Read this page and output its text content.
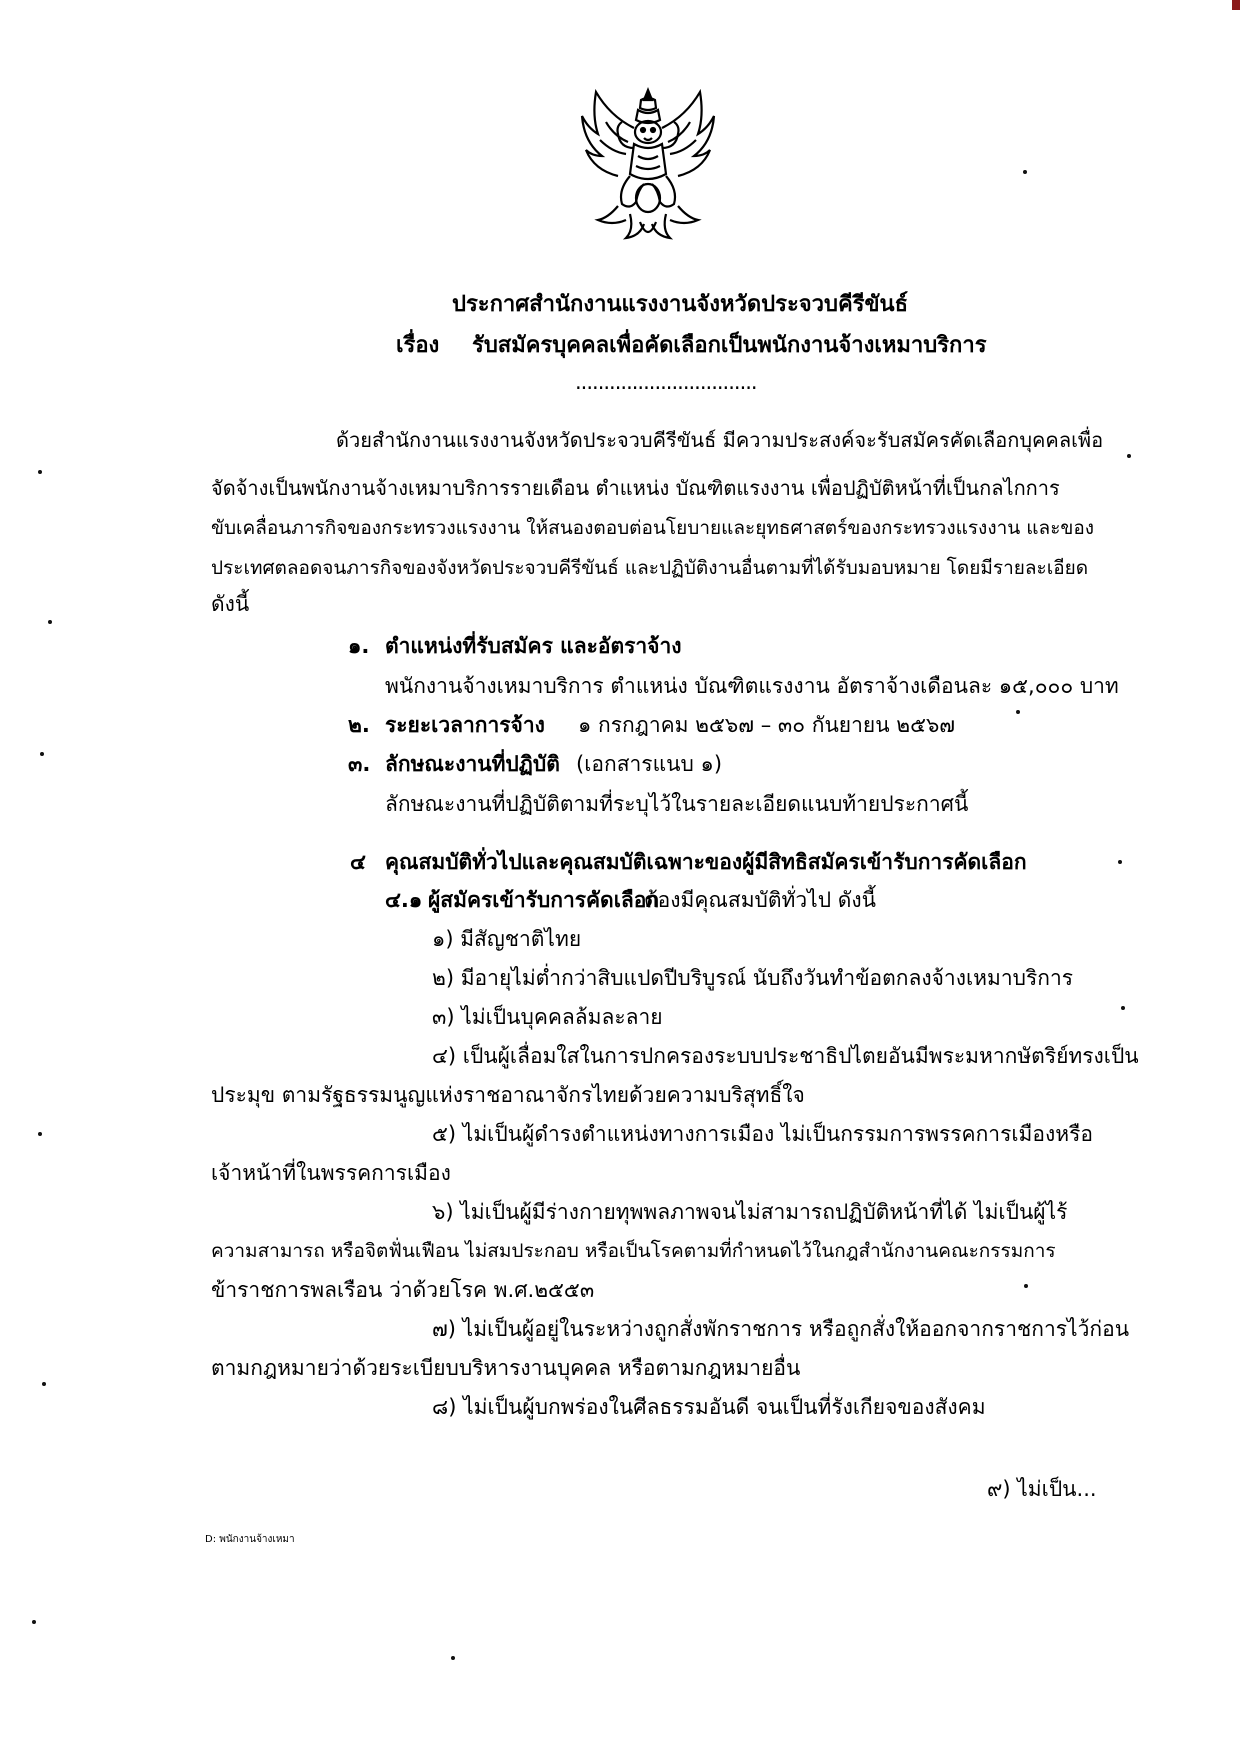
ประกาศสำนักงานแรงงานจังหวัดประจวบคีรีขันธ์
เรื่อง รับสมัครบุคคลเพื่อคัดเลือกเป็นพนักงานจ้างเหมาบริการ
................................
ด้วยสำนักงานแรงงานจังหวัดประจวบคีรีขันธ์ มีความประสงค์จะรับสมัครคัดเลือกบุคคลเพื่อ
จัดจ้างเป็นพนักงานจ้างเหมาบริการรายเดือน ตำแหน่ง บัณฑิตแรงงาน เพื่อปฏิบัติหน้าที่เป็นกลไกการ
ขับเคลื่อนภารกิจของกระทรวงแรงงาน ให้สนองตอบต่อนโยบายและยุทธศาสตร์ของกระทรวงแรงงาน และของ
ประเทศตลอดจนภารกิจของจังหวัดประจวบคีรีขันธ์ และปฏิบัติงานอื่นตามที่ได้รับมอบหมาย โดยมีรายละเอียด
ดังนี้
๑. ตำแหน่งที่รับสมัคร และอัตราจ้าง
พนักงานจ้างเหมาบริการ ตำแหน่ง บัณฑิตแรงงาน อัตราจ้างเดือนละ ๑๕,๐๐๐ บาท
๒. ระยะเวลาการจ้าง ๑ กรกฎาคม ๒๕๖๗ – ๓๐ กันยายน ๒๕๖๗
๓. ลักษณะงานที่ปฏิบัติ (เอกสารแนบ ๑)
ลักษณะงานที่ปฏิบัติตามที่ระบุไว้ในรายละเอียดแนบท้ายประกาศนี้
๔ คุณสมบัติทั่วไปและคุณสมบัติเฉพาะของผู้มีสิทธิสมัครเข้ารับการคัดเลือก
๔.๑ ผู้สมัครเข้ารับการคัดเลือก
ต้องมีคุณสมบัติทั่วไป ดังนี้
๑) มีสัญชาติไทย
๒) มีอายุไม่ต่ำกว่าสิบแปดปีบริบูรณ์ นับถึงวันทำข้อตกลงจ้างเหมาบริการ
๓) ไม่เป็นบุคคลล้มละลาย
๔) เป็นผู้เลื่อมใสในการปกครองระบบประชาธิปไตยอันมีพระมหากษัตริย์ทรงเป็น
ประมุข ตามรัฐธรรมนูญแห่งราชอาณาจักรไทยด้วยความบริสุทธิ์ใจ
๕) ไม่เป็นผู้ดำรงตำแหน่งทางการเมือง ไม่เป็นกรรมการพรรคการเมืองหรือ
เจ้าหน้าที่ในพรรคการเมือง
๖) ไม่เป็นผู้มีร่างกายทุพพลภาพจนไม่สามารถปฏิบัติหน้าที่ได้ ไม่เป็นผู้ไร้
ความสามารถ หรือจิตฟั่นเฟือน ไม่สมประกอบ หรือเป็นโรคตามที่กำหนดไว้ในกฎสำนักงานคณะกรรมการ
ข้าราชการพลเรือน ว่าด้วยโรค พ.ศ.๒๕๕๓
๗) ไม่เป็นผู้อยู่ในระหว่างถูกสั่งพักราชการ หรือถูกสั่งให้ออกจากราชการไว้ก่อน
ตามกฎหมายว่าด้วยระเบียบบริหารงานบุคคล หรือตามกฎหมายอื่น
๘) ไม่เป็นผู้บกพร่องในศีลธรรมอันดี จนเป็นที่รังเกียจของสังคม
๙) ไม่เป็น...
D: พนักงานจ้างเหมา
